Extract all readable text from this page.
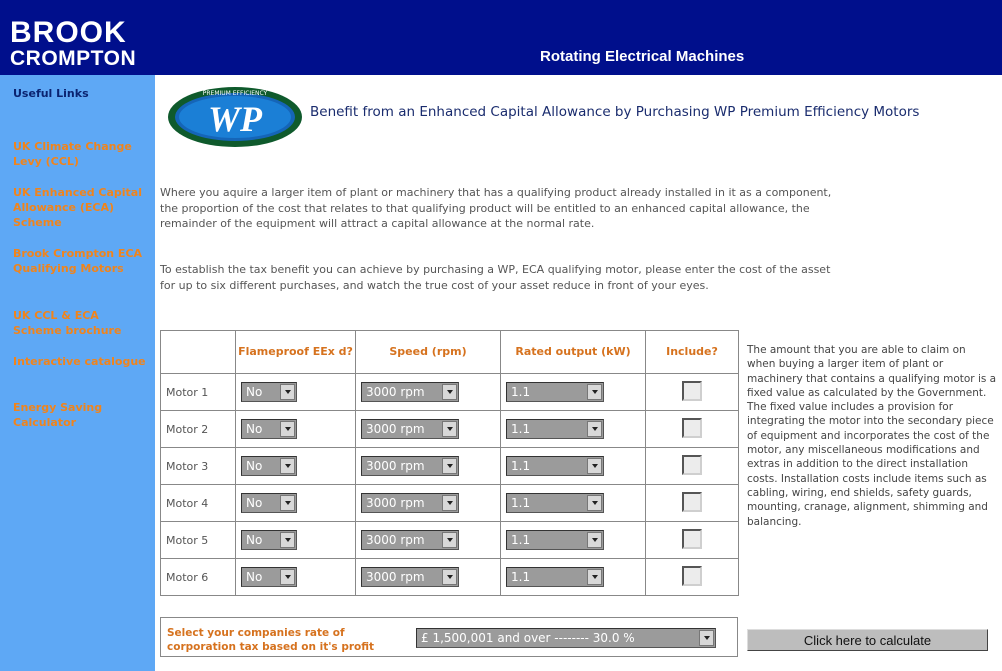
BROOK
CROMPTON	Rotating Electrical Machines
Useful Links
UK Climate Change Levy (CCL)
UK Enhanced Capital Allowance (ECA) Scheme
Brook Crompton ECA Qualifying Motors
UK CCL & ECA Scheme brochure
Interactive catalogue
Energy Saving Calculator
PREMIUM EFFICIENCY
WP	Benefit from an Enhanced Capital Allowance by Purchasing WP Premium Efficiency Motors
Where you aquire a larger item of plant or machinery that has a qualifying product already installed in it as a component, the proportion of the cost that relates to that qualifying product will be entitled to an enhanced capital allowance, the remainder of the equipment will attract a capital allowance at the normal rate.
To establish the tax benefit you can achieve by purchasing a WP, ECA qualifying motor, please enter the cost of the asset for up to six different purchases, and watch the true cost of your asset reduce in front of your eyes.
	Flameproof EEx d?	Speed (rpm)	Rated output (kW)	Include?
Motor 1	No	3000 rpm	1.1	

Motor 2	No	3000 rpm	1.1	

Motor 3	No	3000 rpm	1.1	

Motor 4	No	3000 rpm	1.1	

Motor 5	No	3000 rpm	1.1	

Motor 6	No	3000 rpm	1.1	

The amount that you are able to claim on when buying a larger item of plant or machinery that contains a qualifying motor is a fixed value as calculated by the Government. The fixed value includes a provision for integrating the motor into the secondary piece of equipment and incorporates the cost of the motor, any miscellaneous modifications and extras in addition to the direct installation costs. Installation costs include items such as cabling, wiring, end shields, safety guards, mounting, cranage, alignment, shimming and balancing.
Select your companies rate of corporation tax based on it's profit
£ 1,500,001 and over -------- 30.0 %	Click here to calculate
